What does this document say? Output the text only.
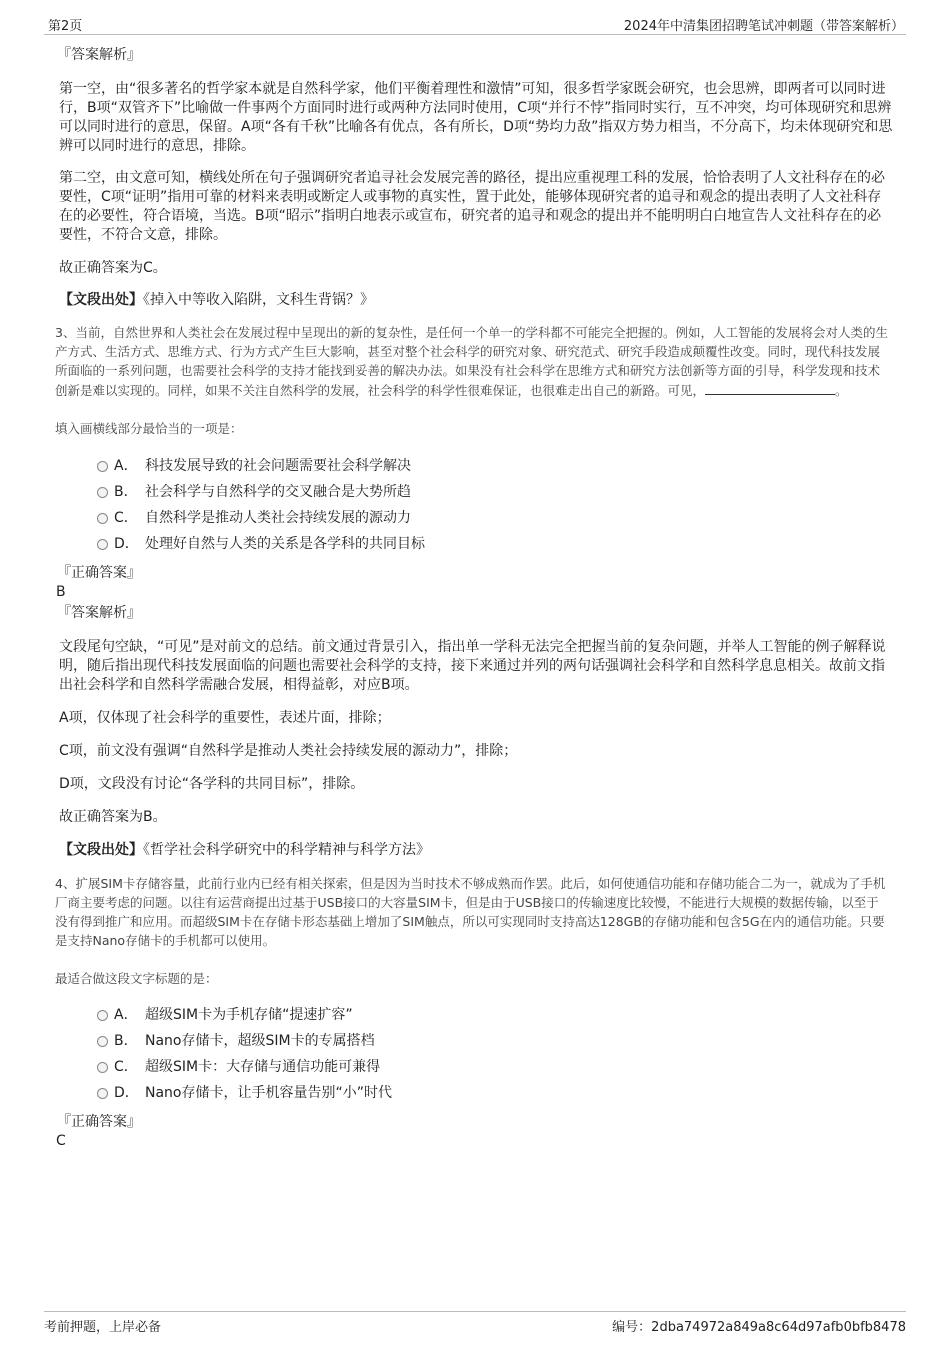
第2页	2024年中清集团招聘笔试冲刺题（带答案解析）
『答案解析』

第一空，由“很多著名的哲学家本就是自然科学家，他们平衡着理性和激情”可知，很多哲学家既会研究，也会思辨，即两者可以同时进行，B项“双管齐下”比喻做一件事两个方面同时进行或两种方法同时使用，C项“并行不悖”指同时实行，互不冲突，均可体现研究和思辨可以同时进行的意思，保留。A项“各有千秋”比喻各有优点，各有所长，D项“势均力敌”指双方势力相当，不分高下，均未体现研究和思辨可以同时进行的意思，排除。

第二空，由文意可知，横线处所在句子强调研究者追寻社会发展完善的路径，提出应重视理工科的发展，恰恰表明了人文社科存在的必要性，C项“证明”指用可靠的材料来表明或断定人或事物的真实性，置于此处，能够体现研究者的追寻和观念的提出表明了人文社科存在的必要性，符合语境，当选。B项“昭示”指明白地表示或宣布，研究者的追寻和观念的提出并不能明明白白地宣告人文社科存在的必要性，不符合文意，排除。

故正确答案为C。

【文段出处】《掉入中等收入陷阱，文科生背锅？》

3、当前，自然世界和人类社会在发展过程中呈现出的新的复杂性，是任何一个单一的学科都不可能完全把握的。例如，人工智能的发展将会对人类的生产方式、生活方式、思维方式、行为方式产生巨大影响，甚至对整个社会科学的研究对象、研究范式、研究手段造成颠覆性改变。同时，现代科技发展所面临的一系列问题，也需要社会科学的支持才能找到妥善的解决办法。如果没有社会科学在思维方式和研究方法创新等方面的引导，科学发现和技术创新是难以实现的。同样，如果不关注自然科学的发展，社会科学的科学性很难保证，也很难走出自己的新路。可见，	。

填入画横线部分最恰当的一项是：

A． 科技发展导致的社会问题需要社会科学解决
B． 社会科学与自然科学的交叉融合是大势所趋
C． 自然科学是推动人类社会持续发展的源动力
D． 处理好自然与人类的关系是各学科的共同目标
『正确答案』
B
『答案解析』

文段尾句空缺，“可见”是对前文的总结。前文通过背景引入，指出单一学科无法完全把握当前的复杂问题，并举人工智能的例子解释说明，随后指出现代科技发展面临的问题也需要社会科学的支持，接下来通过并列的两句话强调社会科学和自然科学息息相关。故前文指出社会科学和自然科学需融合发展，相得益彰，对应B项。

A项，仅体现了社会科学的重要性，表述片面，排除；

C项，前文没有强调“自然科学是推动人类社会持续发展的源动力”，排除；

D项，文段没有讨论“各学科的共同目标”，排除。

故正确答案为B。

【文段出处】《哲学社会科学研究中的科学精神与科学方法》

4、扩展SIM卡存储容量，此前行业内已经有相关探索，但是因为当时技术不够成熟而作罢。此后，如何使通信功能和存储功能合二为一，就成为了手机厂商主要考虑的问题。以往有运营商提出过基于USB接口的大容量SIM卡，但是由于USB接口的传输速度比较慢，不能进行大规模的数据传输，以至于没有得到推广和应用。而超级SIM卡在存储卡形态基础上增加了SIM触点，所以可实现同时支持高达128GB的存储功能和包含5G在内的通信功能。只要是支持Nano存储卡的手机都可以使用。

最适合做这段文字标题的是：

A． 超级SIM卡为手机存储“提速扩容”
B． Nano存储卡，超级SIM卡的专属搭档
C． 超级SIM卡：大存储与通信功能可兼得
D． Nano存储卡，让手机容量告别“小”时代
『正确答案』
C
考前押题，上岸必备	编号：2dba74972a849a8c64d97afb0bfb8478
